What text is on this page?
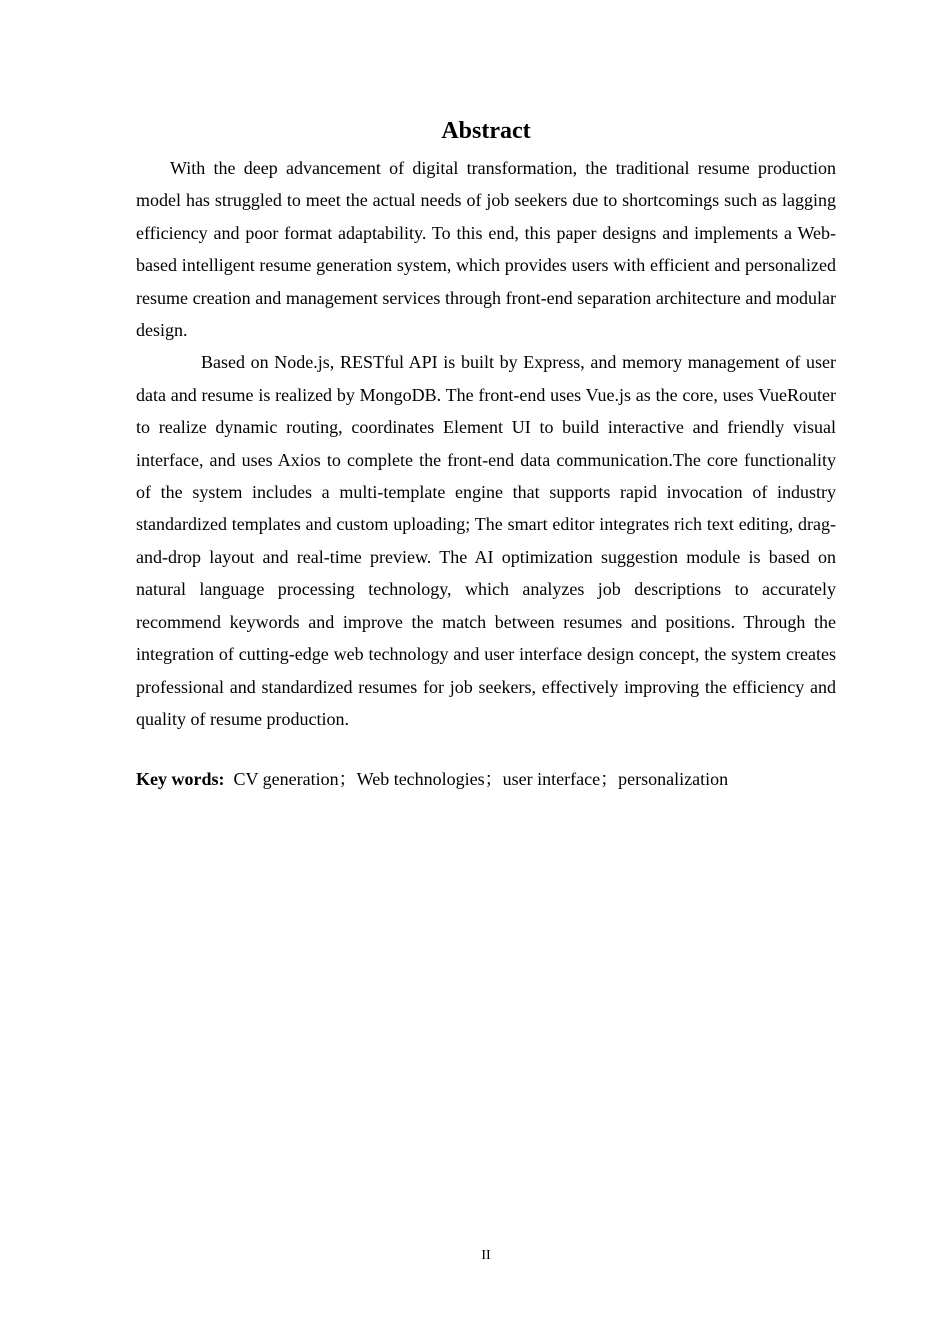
Abstract

With the deep advancement of digital transformation, the traditional resume production model has struggled to meet the actual needs of job seekers due to shortcomings such as lagging efficiency and poor format adaptability. To this end, this paper designs and implements a Web-based intelligent resume generation system, which provides users with efficient and personalized resume creation and management services through front-end separation architecture and modular design.

Based on Node.js, RESTful API is built by Express, and memory management of user data and resume is realized by MongoDB. The front-end uses Vue.js as the core, uses VueRouter to realize dynamic routing, coordinates Element UI to build interactive and friendly visual interface, and uses Axios to complete the front-end data communication.The core functionality of the system includes a multi-template engine that supports rapid invocation of industry standardized templates and custom uploading; The smart editor integrates rich text editing, drag-and-drop layout and real-time preview. The AI optimization suggestion module is based on natural language processing technology, which analyzes job descriptions to accurately recommend keywords and improve the match between resumes and positions. Through the integration of cutting-edge web technology and user interface design concept, the system creates professional and standardized resumes for job seekers, effectively improving the efficiency and quality of resume production.

Key words: CV generation；Web technologies；user interface；personalization

II
